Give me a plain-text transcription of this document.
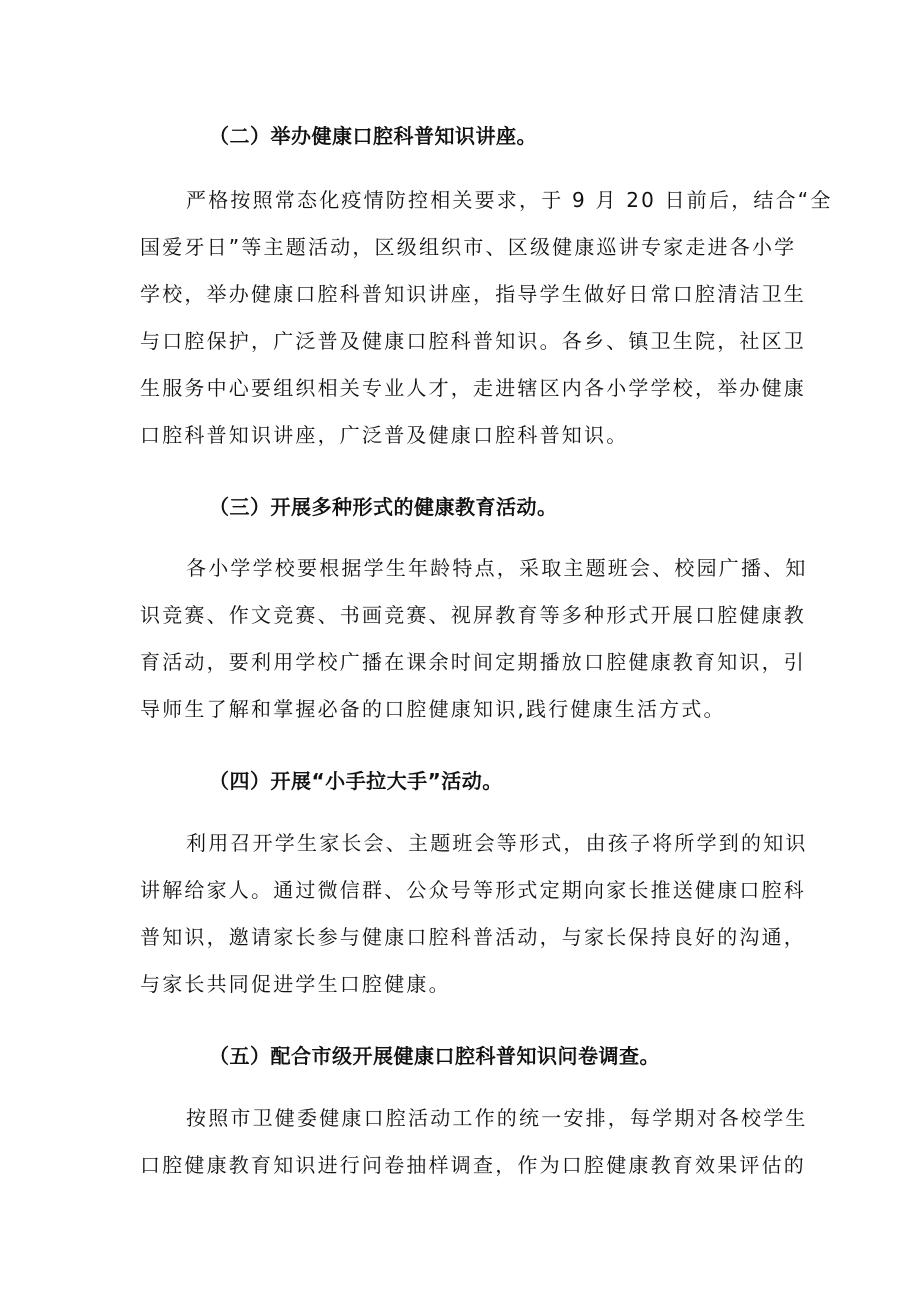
（二）举办健康口腔科普知识讲座。
严格按照常态化疫情防控相关要求，于 9 月 20 日前后，结合“全
国爱牙日”等主题活动，区级组织市、区级健康巡讲专家走进各小学
学校，举办健康口腔科普知识讲座，指导学生做好日常口腔清洁卫生
与口腔保护，广泛普及健康口腔科普知识。各乡、镇卫生院，社区卫
生服务中心要组织相关专业人才，走进辖区内各小学学校，举办健康
口腔科普知识讲座，广泛普及健康口腔科普知识。
（三）开展多种形式的健康教育活动。
各小学学校要根据学生年龄特点，采取主题班会、校园广播、知
识竞赛、作文竞赛、书画竞赛、视屏教育等多种形式开展口腔健康教
育活动，要利用学校广播在课余时间定期播放口腔健康教育知识，引
导师生了解和掌握必备的口腔健康知识,践行健康生活方式。
（四）开展“小手拉大手”活动。
利用召开学生家长会、主题班会等形式，由孩子将所学到的知识
讲解给家人。通过微信群、公众号等形式定期向家长推送健康口腔科
普知识，邀请家长参与健康口腔科普活动，与家长保持良好的沟通，
与家长共同促进学生口腔健康。
（五）配合市级开展健康口腔科普知识问卷调查。
按照市卫健委健康口腔活动工作的统一安排，每学期对各校学生
口腔健康教育知识进行问卷抽样调查，作为口腔健康教育效果评估的
